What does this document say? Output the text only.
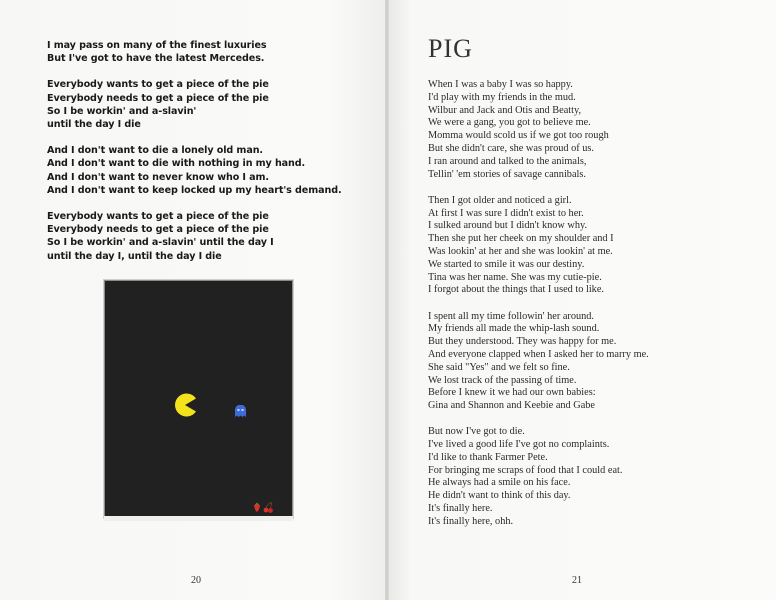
I may pass on many of the finest luxuries
But I've got to have the latest Mercedes.
Everybody wants to get a piece of the pie
Everybody needs to get a piece of the pie
So I be workin' and a-slavin'
until the day I die
And I don't want to die a lonely old man.
And I don't want to die with nothing in my hand.
And I don't want to never know who I am.
And I don't want to keep locked up my heart's demand.
Everybody wants to get a piece of the pie
Everybody needs to get a piece of the pie
So I be workin' and a-slavin' until the day I
until the day I, until the day I die
20
PIG
When I was a baby I was so happy.
I'd play with my friends in the mud.
Wilbur and Jack and Otis and Beatty,
We were a gang, you got to believe me.
Momma would scold us if we got too rough
But she didn't care, she was proud of us.
I ran around and talked to the animals,
Tellin' 'em stories of savage cannibals.
Then I got older and noticed a girl.
At first I was sure I didn't exist to her.
I sulked around but I didn't know why.
Then she put her cheek on my shoulder and I
Was lookin' at her and she was lookin' at me.
We started to smile it was our destiny.
Tina was her name. She was my cutie-pie.
I forgot about the things that I used to like.
I spent all my time followin' her around.
My friends all made the whip-lash sound.
But they understood. They was happy for me.
And everyone clapped when I asked her to marry me.
She said "Yes" and we felt so fine.
We lost track of the passing of time.
Before I knew it we had our own babies:
Gina and Shannon and Keebie and Gabe
But now I've got to die.
I've lived a good life I've got no complaints.
I'd like to thank Farmer Pete.
For bringing me scraps of food that I could eat.
He always had a smile on his face.
He didn't want to think of this day.
It's finally here.
It's finally here, ohh.
21
